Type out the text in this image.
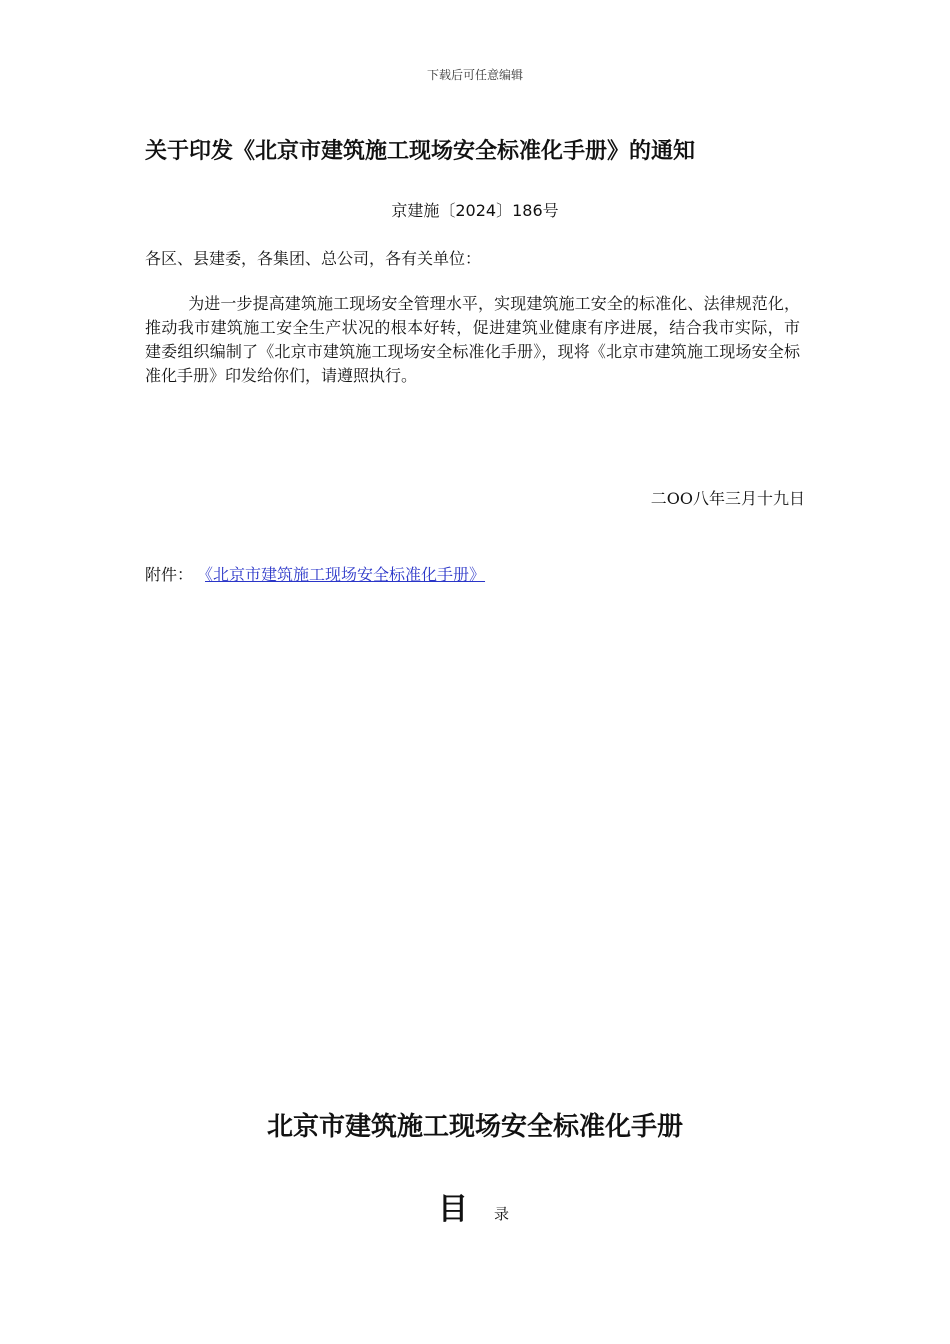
下载后可任意编辑
关于印发《北京市建筑施工现场安全标准化手册》的通知
京建施〔2024〕186号
各区、县建委，各集团、总公司，各有关单位：
为进一步提高建筑施工现场安全管理水平，实现建筑施工安全的标准化、法律规范化，推动我市建筑施工安全生产状况的根本好转，促进建筑业健康有序进展，结合我市实际，市建委组织编制了《北京市建筑施工现场安全标准化手册》，现将《北京市建筑施工现场安全标准化手册》印发给你们，请遵照执行。
二OO八年三月十九日
附件： 《北京市建筑施工现场安全标准化手册》
北京市建筑施工现场安全标准化手册
目 录
